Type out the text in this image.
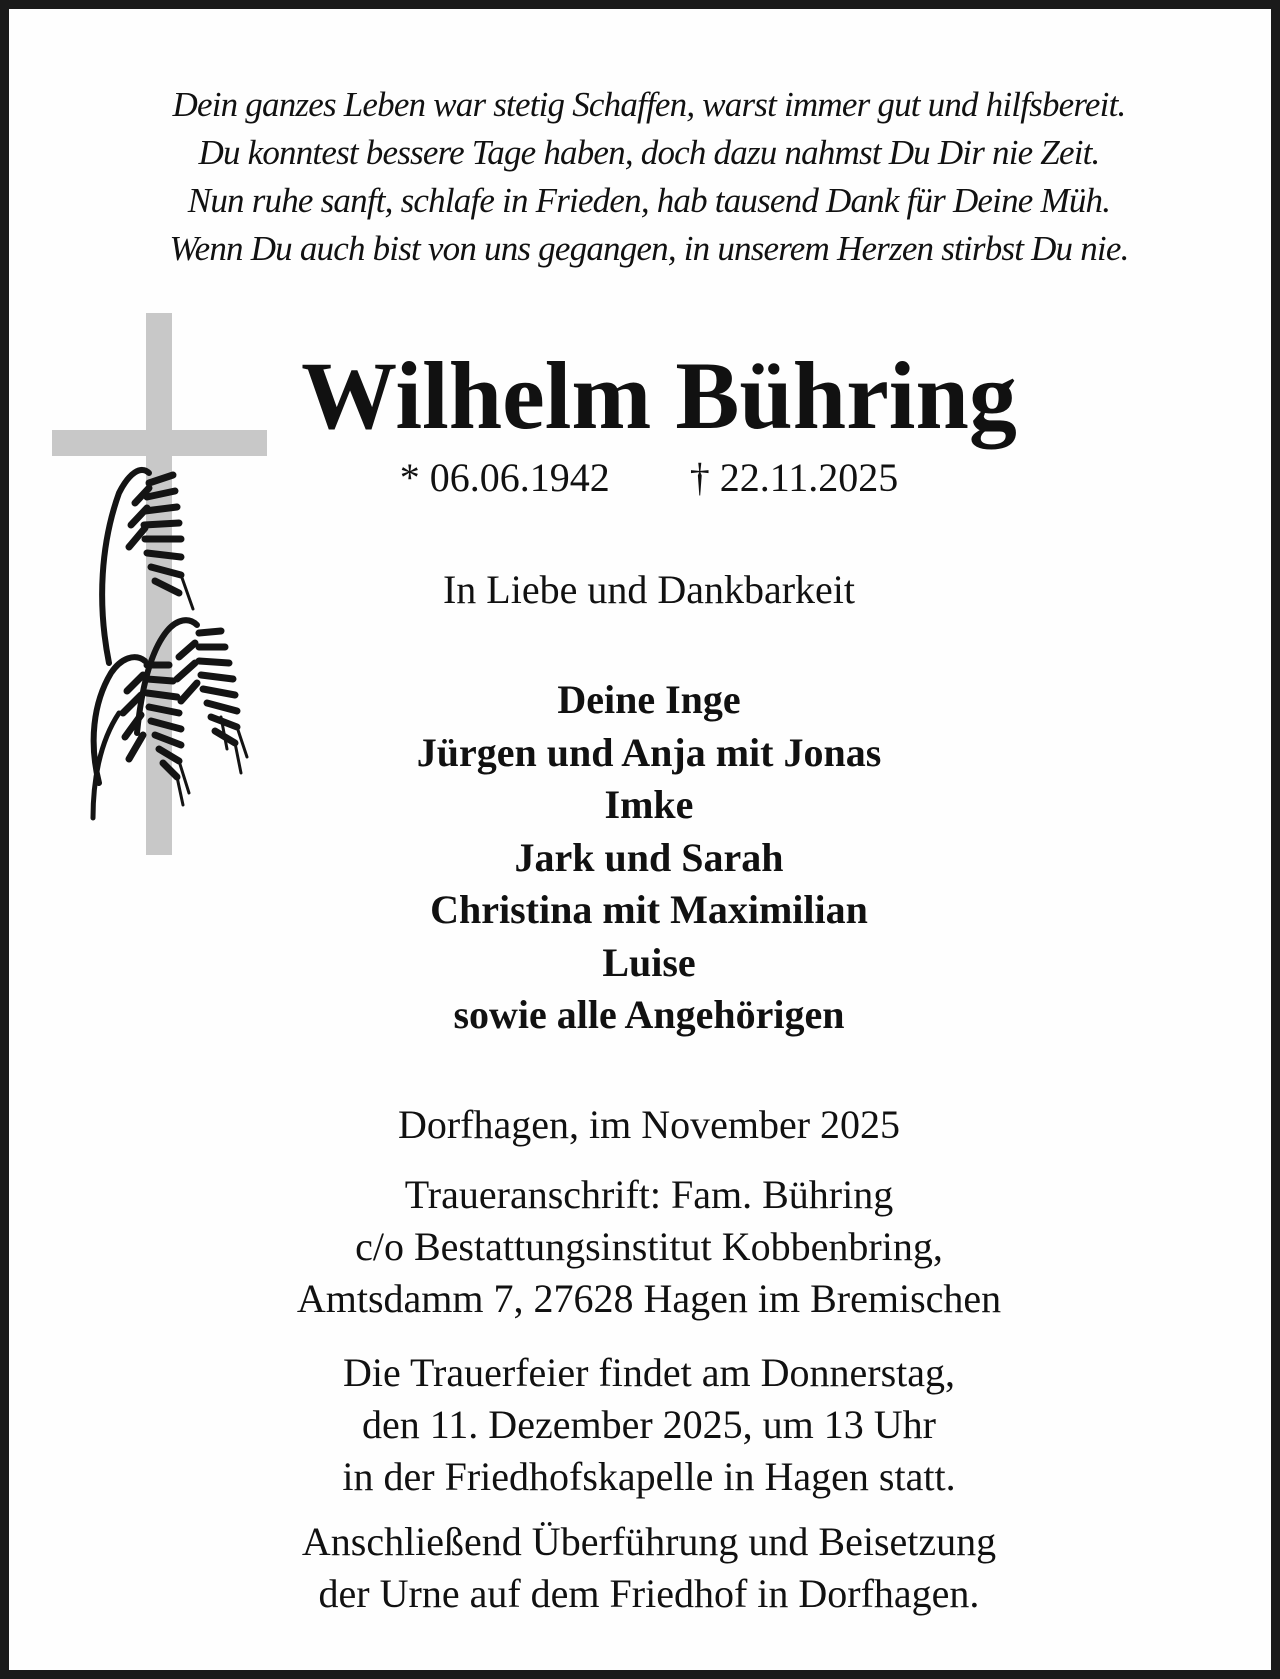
Dein ganzes Leben war stetig Schaffen, warst immer gut und hilfsbereit.
Du konntest bessere Tage haben, doch dazu nahmst Du Dir nie Zeit.
Nun ruhe sanft, schlafe in Frieden, hab tausend Dank für Deine Müh.
Wenn Du auch bist von uns gegangen, in unserem Herzen stirbst Du nie.
Wilhelm Bühring
* 06.06.1942 † 22.11.2025
In Liebe und Dankbarkeit
Deine Inge
Jürgen und Anja mit Jonas
Imke
Jark und Sarah
Christina mit Maximilian
Luise
sowie alle Angehörigen
Dorfhagen, im November 2025
Traueranschrift: Fam. Bühring
c/o Bestattungsinstitut Kobbenbring,
Amtsdamm 7, 27628 Hagen im Bremischen
Die Trauerfeier findet am Donnerstag,
den 11. Dezember 2025, um 13 Uhr
in der Friedhofskapelle in Hagen statt.
Anschließend Überführung und Beisetzung
der Urne auf dem Friedhof in Dorfhagen.
